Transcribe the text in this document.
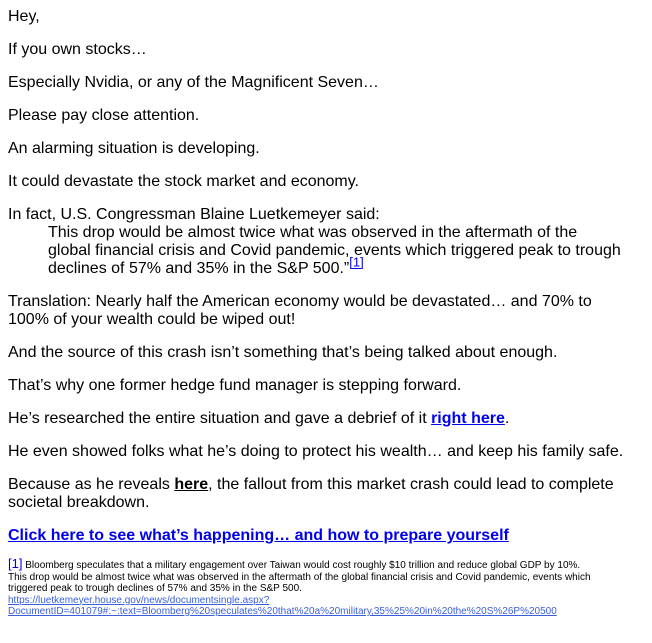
Hey,

If you own stocks…

Especially Nvidia, or any of the Magnificent Seven…

Please pay close attention.

An alarming situation is developing.

It could devastate the stock market and economy.

In fact, U.S. Congressman Blaine Luetkemeyer said:

This drop would be almost twice what was observed in the aftermath of the
global financial crisis and Covid pandemic, events which triggered peak to trough
declines of 57% and 35% in the S&P 500.”[1]

Translation: Nearly half the American economy would be devastated… and 70% to
100% of your wealth could be wiped out!

And the source of this crash isn’t something that’s being talked about enough.

That’s why one former hedge fund manager is stepping forward.

He’s researched the entire situation and gave a debrief of it right here.

He even showed folks what he’s doing to protect his wealth… and keep his family safe.

Because as he reveals here, the fallout from this market crash could lead to complete
societal breakdown.

Click here to see what’s happening… and how to prepare yourself

[1] Bloomberg speculates that a military engagement over Taiwan would cost roughly $10 trillion and reduce global GDP by 10%.
This drop would be almost twice what was observed in the aftermath of the global financial crisis and Covid pandemic, events which
triggered peak to trough declines of 57% and 35% in the S&P 500.
https://luetkemeyer.house.gov/news/documentsingle.aspx?
DocumentID=401079#:~:text=Bloomberg%20speculates%20that%20a%20military,35%25%20in%20the%20S%26P%20500
